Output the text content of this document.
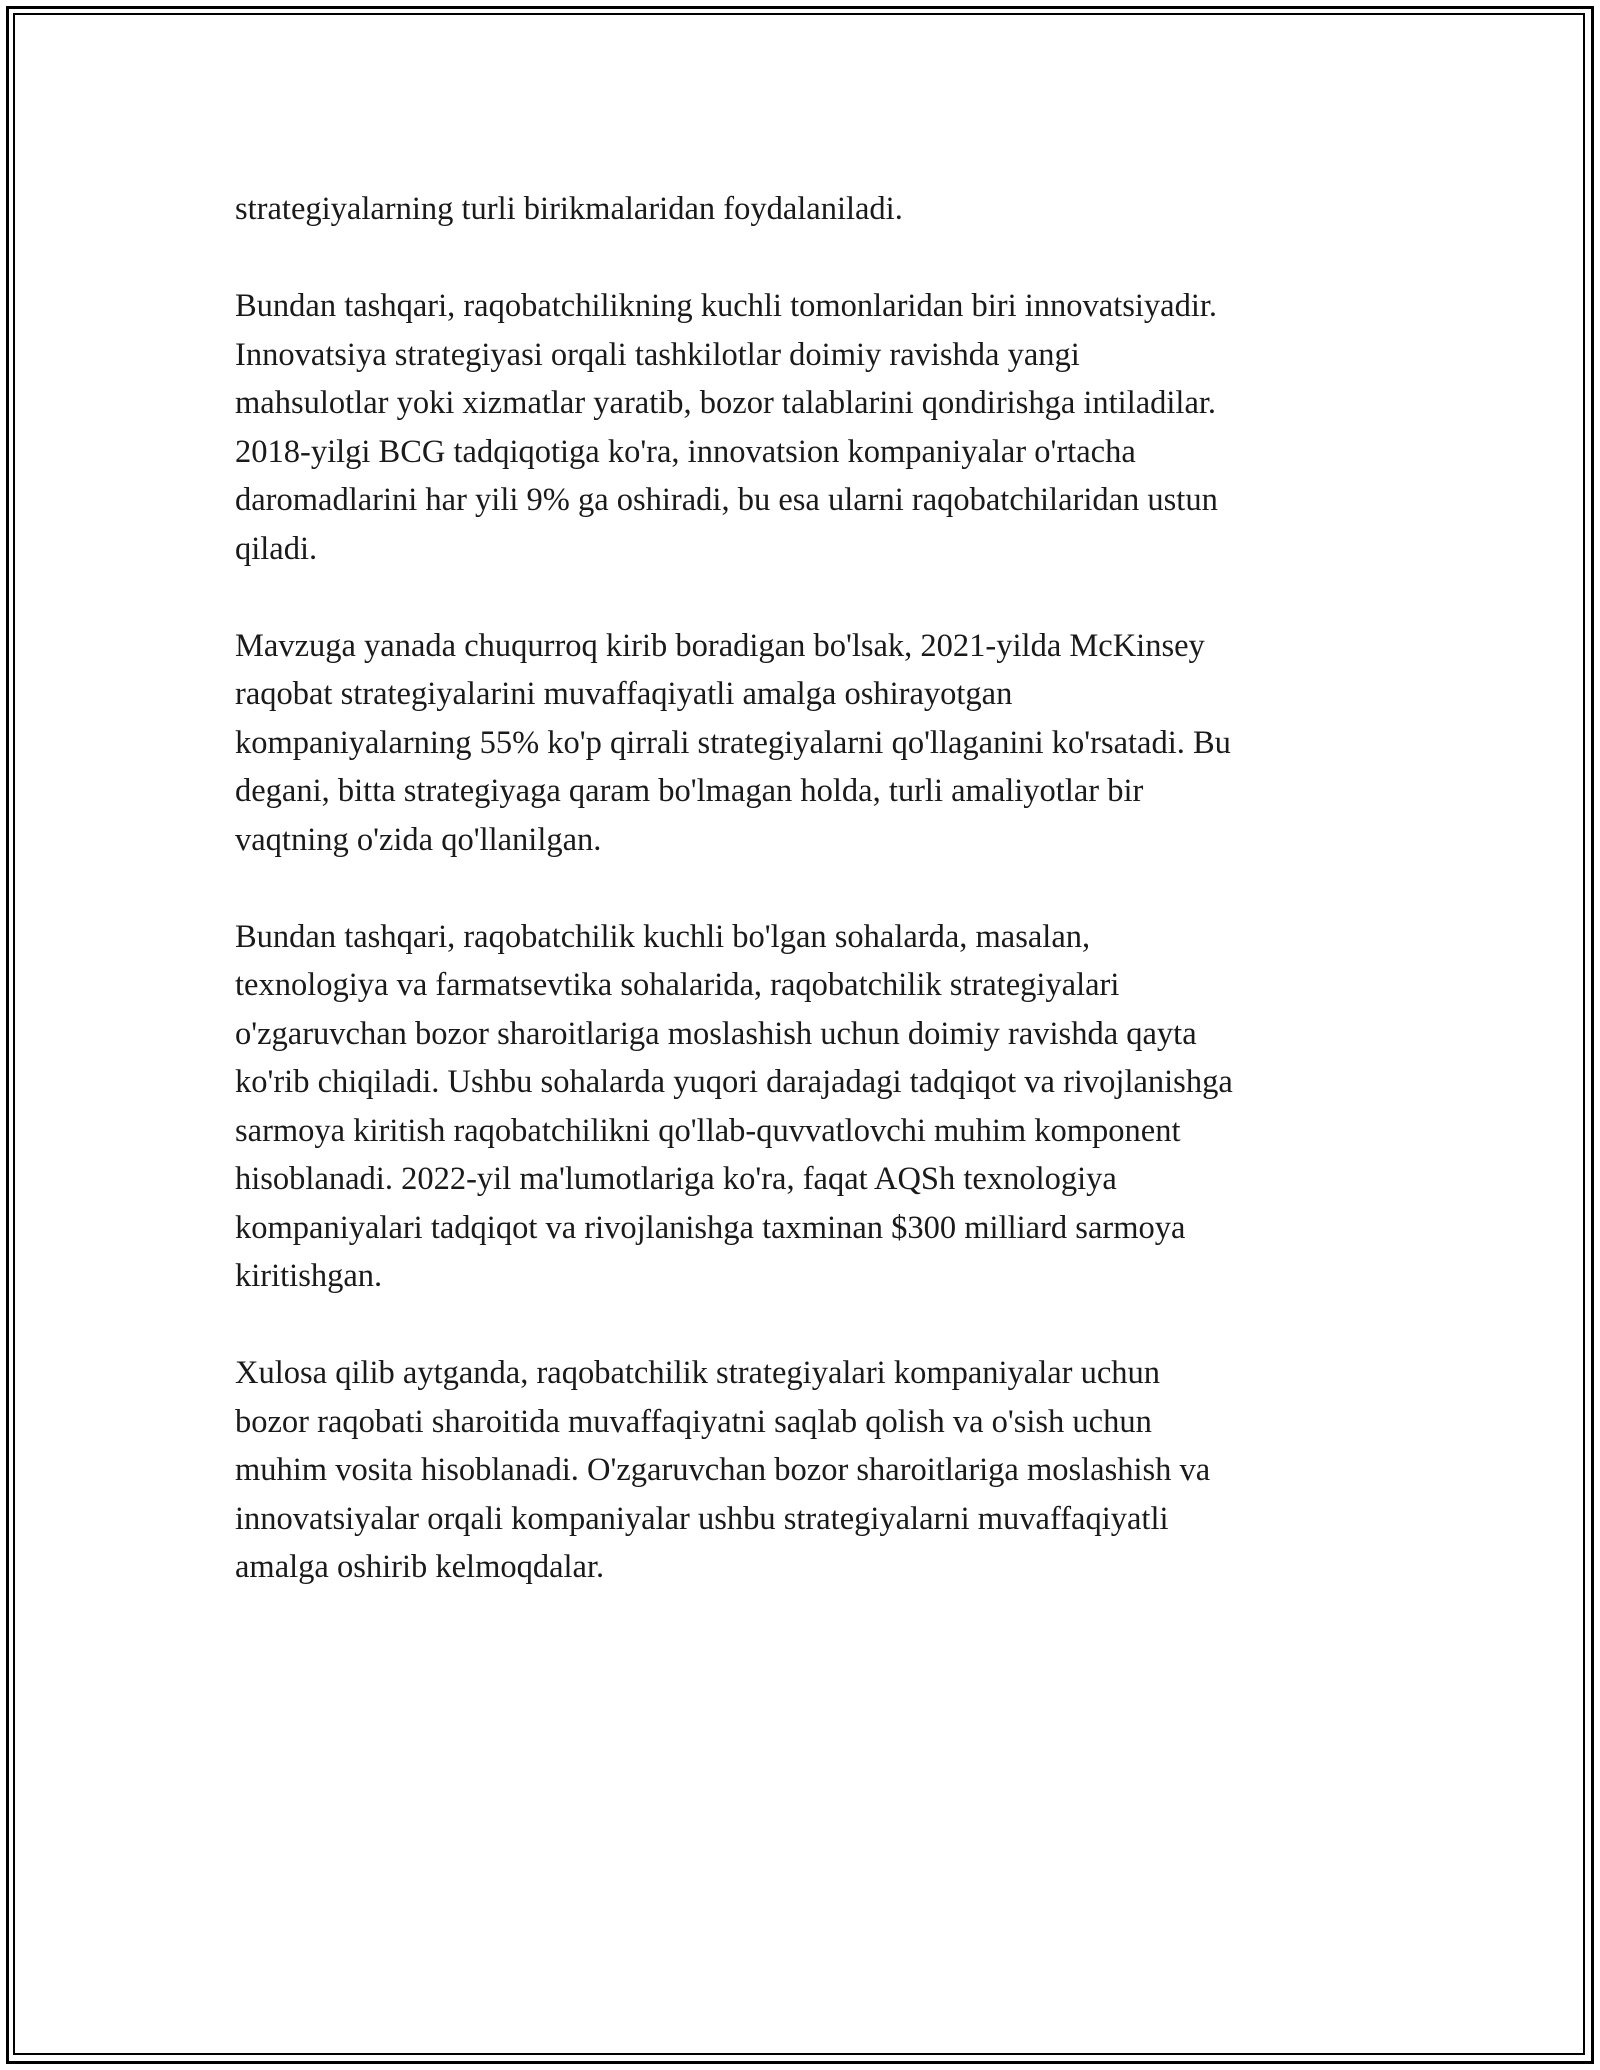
strategiyalarning turli birikmalaridan foydalaniladi.

Bundan tashqari, raqobatchilikning kuchli tomonlaridan biri innovatsiyadir.
Innovatsiya strategiyasi orqali tashkilotlar doimiy ravishda yangi
mahsulotlar yoki xizmatlar yaratib, bozor talablarini qondirishga intiladilar.
2018-yilgi BCG tadqiqotiga ko'ra, innovatsion kompaniyalar o'rtacha
daromadlarini har yili 9% ga oshiradi, bu esa ularni raqobatchilaridan ustun
qiladi.

Mavzuga yanada chuqurroq kirib boradigan bo'lsak, 2021-yilda McKinsey
raqobat strategiyalarini muvaffaqiyatli amalga oshirayotgan
kompaniyalarning 55% ko'p qirrali strategiyalarni qo'llaganini ko'rsatadi. Bu
degani, bitta strategiyaga qaram bo'lmagan holda, turli amaliyotlar bir
vaqtning o'zida qo'llanilgan.

Bundan tashqari, raqobatchilik kuchli bo'lgan sohalarda, masalan,
texnologiya va farmatsevtika sohalarida, raqobatchilik strategiyalari
o'zgaruvchan bozor sharoitlariga moslashish uchun doimiy ravishda qayta
ko'rib chiqiladi. Ushbu sohalarda yuqori darajadagi tadqiqot va rivojlanishga
sarmoya kiritish raqobatchilikni qo'llab-quvvatlovchi muhim komponent
hisoblanadi. 2022-yil ma'lumotlariga ko'ra, faqat AQSh texnologiya
kompaniyalari tadqiqot va rivojlanishga taxminan $300 milliard sarmoya
kiritishgan.

Xulosa qilib aytganda, raqobatchilik strategiyalari kompaniyalar uchun
bozor raqobati sharoitida muvaffaqiyatni saqlab qolish va o'sish uchun
muhim vosita hisoblanadi. O'zgaruvchan bozor sharoitlariga moslashish va
innovatsiyalar orqali kompaniyalar ushbu strategiyalarni muvaffaqiyatli
amalga oshirib kelmoqdalar.
